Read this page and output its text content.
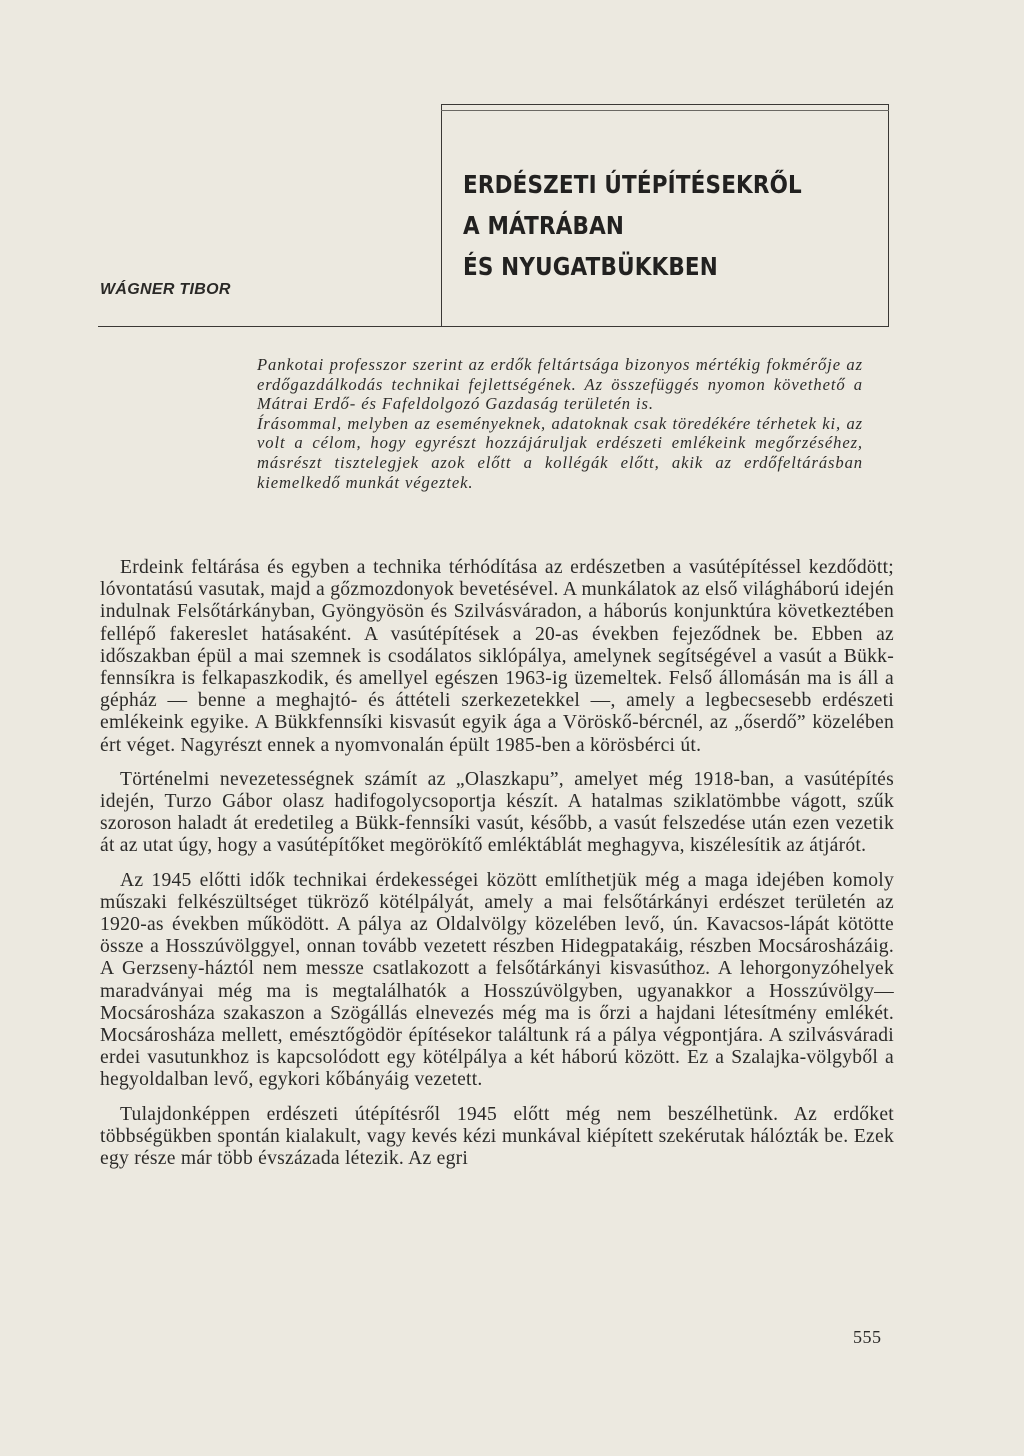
ERDÉSZETI ÚTÉPÍTÉSEKRŐL
A MÁTRÁBAN
ÉS NYUGATBÜKKBEN
WÁGNER TIBOR

Pankotai professzor szerint az erdők feltártsága bizonyos mértékig fokmérője az erdőgazdálkodás technikai fejlettségének. Az összefüggés nyomon követhető a Mátrai Erdő- és Fafeldolgozó Gazdaság területén is.

Írásommal, melyben az eseményeknek, adatoknak csak töredékére térhetek ki, az volt a célom, hogy egyrészt hozzájáruljak erdészeti emlékeink megőrzéséhez, másrészt tisztelegjek azok előtt a kollégák előtt, akik az erdőfeltárásban kiemelkedő munkát végeztek.

Erdeink feltárása és egyben a technika térhódítása az erdészetben a vasútépítéssel kezdődött; lóvontatású vasutak, majd a gőzmozdonyok bevetésével. A munkálatok az első világháború idején indulnak Felsőtárkányban, Gyöngyösön és Szilvásváradon, a háborús konjunktúra következtében fellépő fakereslet hatásaként. A vasútépítések a 20-as években fejeződnek be. Ebben az időszakban épül a mai szemnek is csodálatos siklópálya, amelynek segítségével a vasút a Bükk-fennsíkra is felkapaszkodik, és amellyel egészen 1963-ig üzemeltek. Felső állomásán ma is áll a gépház — benne a meghajtó- és áttételi szerkezetekkel —, amely a legbecsesebb erdészeti emlékeink egyike. A Bükkfennsíki kisvasút egyik ága a Vöröskő-bércnél, az „őserdő” közelében ért véget. Nagyrészt ennek a nyomvonalán épült 1985-ben a körösbérci út.

Történelmi nevezetességnek számít az „Olaszkapu”, amelyet még 1918-ban, a vasútépítés idején, Turzo Gábor olasz hadifogolycsoportja készít. A hatalmas sziklatömbbe vágott, szűk szoroson haladt át eredetileg a Bükk-fennsíki vasút, később, a vasút felszedése után ezen vezetik át az utat úgy, hogy a vasútépítőket megörökítő emléktáblát meghagyva, kiszélesítik az átjárót.

Az 1945 előtti idők technikai érdekességei között említhetjük még a maga idejében komoly műszaki felkészültséget tükröző kötélpályát, amely a mai felsőtárkányi erdészet területén az 1920-as években működött. A pálya az Oldalvölgy közelében levő, ún. Kavacsos-lápát kötötte össze a Hosszúvölggyel, onnan tovább vezetett részben Hidegpatakáig, részben Mocsárosházáig. A Gerzseny-háztól nem messze csatlakozott a felsőtárkányi kisvasúthoz. A lehorgonyzóhelyek maradványai még ma is megtalálhatók a Hosszúvölgyben, ugyanakkor a Hosszúvölgy—Mocsárosháza szakaszon a Szögállás elnevezés még ma is őrzi a hajdani létesítmény emlékét. Mocsárosháza mellett, emésztőgödör építésekor találtunk rá a pálya végpontjára. A szilvásváradi erdei vasutunkhoz is kapcsolódott egy kötélpálya a két háború között. Ez a Szalajka-völgyből a hegyoldalban levő, egykori kőbányáig vezetett.

Tulajdonképpen erdészeti útépítésről 1945 előtt még nem beszélhetünk. Az erdőket többségükben spontán kialakult, vagy kevés kézi munkával kiépített szekérutak hálózták be. Ezek egy része már több évszázada létezik. Az egri

555
